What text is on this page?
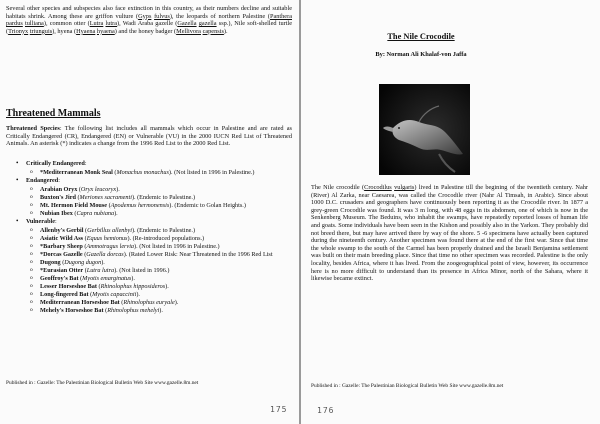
Several other species and subspecies also face extinction in this country, as their numbers decline and suitable habitats shrink. Among these are griffon vulture (Gyps fulvus), the leopards of northern Palestine (Panthera pardus tulliana), common otter (Lutra lutra), Wadi Araba gazelle (Gazella gazella ssp.), Nile soft-shelled turtle (Trionyx triunguis), hyena (Hyaena hyaena) and the honey badger (Mellivora capensis).

Threatened Mammals

Threatened Species: The following list includes all mammals which occur in Palestine and are rated as Critically Endangered (CR), Endangered (EN) or Vulnerable (VU) in the 2000 IUCN Red List of Threatened Animals. An asterisk (*) indicates a change from the 1996 Red List to the 2000 Red List.

• Critically Endangered:
o *Mediterranean Monk Seal (Monachus monachus). (Not listed in 1996 in Palestine.)
• Endangered:
o Arabian Oryx (Oryx leucoryx).
o Buxton's Jird (Meriones sacramenti). (Endemic to Palestine.)
o Mt. Hermon Field Mouse (Apodemus hermonensis). (Endemic to Golan Heights.)
o Nubian Ibex (Capra nubiana).
• Vulnerable:
o Allenby's Gerbil (Gerbillus allenbyi). (Endemic to Palestine.)
o Asiatic Wild Ass (Equus hemionus). (Re-introduced populations.)
o *Barbary Sheep (Ammotragus lervia). (Not listed in 1996 in Palestine.)
o *Dorcas Gazelle (Gazella dorcas). (Rated Lower Risk: Near Threatened in the 1996 Red List
o Dugong (Dugong dugon).
o *Eurasian Otter (Lutra lutra). (Not listed in 1996.)
o Geoffroy's Bat (Myotis emarginatus).
o Lesser Horseshoe Bat (Rhinolophus hipposideros).
o Long-fingered Bat (Myotis capaccinii).
o Mediterranean Horseshoe Bat (Rhinolophus euryale).
o Mehely's Horseshoe Bat (Rhinolophus mehelyi).
Published in : Gazelle: The Palestinian Biological Bulletin Web Site www.gazelle.8m.net
175
The Nile Crocodile
By: Norman Ali Khalaf-von Jaffa

The Nile crocodile (Crocodilus vulgaris) lived in Palestine till the begining of the twentieth century. Nahr (River) Al Zarka, near Caesarea, was called the Crocodile river (Nahr Al Timsah, in Arabic). Since about 1000 D.C. crusaders and geographers have continuously been reporting it as the Crocodile river. In 1877 a grey-green Crocodile was found. It was 3 m long, with 48 eggs in its abdomen, one of which is now in the Senkenberg Museum. The Beduins, who inhabit the swamps, have repeatedly reported losses of human life and goats. Some individuals have been seen in the Kishon and possibly also in the Yarkon. They probably did not breed there, but may have arrived there by way of the shore. 5 -6 specimens have actually been captured during the nineteenth century. Another specimen was found there at the end of the first war. Since that time the whole swamp to the south of the Carmel has been properly drained and the Israeli Benjamina settlement was built on their main breeding place. Since that time no other specimen was recorded. Palestine is the only locality, besides Africa, where it has lived. From the zoogeographical point of view, however, its occurrence here is no more difficult to understand than its presence in Africa Minor, north of the Sahara, where it likewise became extinct.

Published in : Gazelle: The Palestinian Biological Bulletin Web Site www.gazelle.8m.net
176
